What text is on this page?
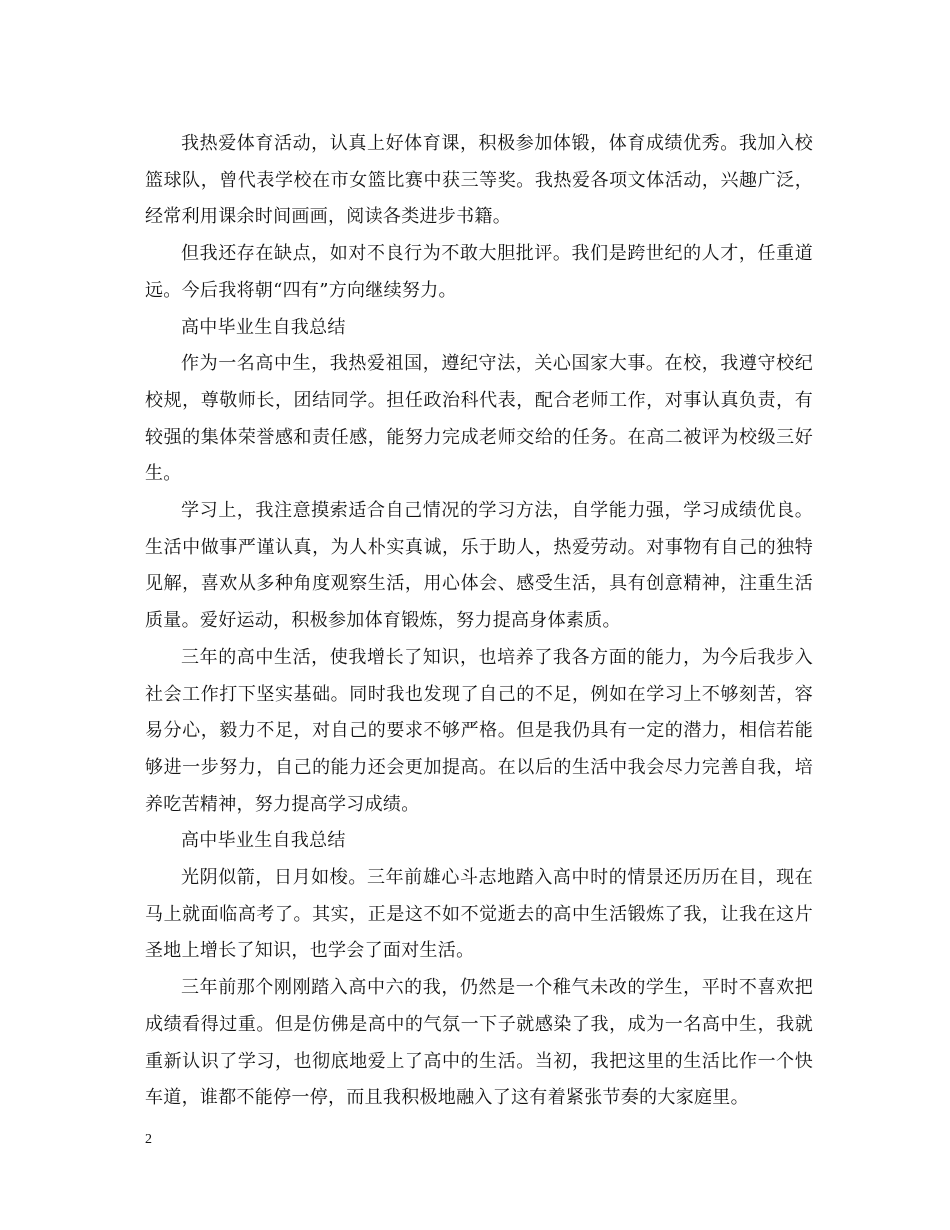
我热爱体育活动，认真上好体育课，积极参加体锻，体育成绩优秀。我加入校篮球队，曾代表学校在市女篮比赛中获三等奖。我热爱各项文体活动，兴趣广泛，经常利用课余时间画画，阅读各类进步书籍。

但我还存在缺点，如对不良行为不敢大胆批评。我们是跨世纪的人才，任重道远。今后我将朝“四有”方向继续努力。

高中毕业生自我总结

作为一名高中生，我热爱祖国，遵纪守法，关心国家大事。在校，我遵守校纪校规，尊敬师长，团结同学。担任政治科代表，配合老师工作，对事认真负责，有较强的集体荣誉感和责任感，能努力完成老师交给的任务。在高二被评为校级三好生。

学习上，我注意摸索适合自己情况的学习方法，自学能力强，学习成绩优良。生活中做事严谨认真，为人朴实真诚，乐于助人，热爱劳动。对事物有自己的独特见解，喜欢从多种角度观察生活，用心体会、感受生活，具有创意精神，注重生活质量。爱好运动，积极参加体育锻炼，努力提高身体素质。

三年的高中生活，使我增长了知识，也培养了我各方面的能力，为今后我步入社会工作打下坚实基础。同时我也发现了自己的不足，例如在学习上不够刻苦，容易分心，毅力不足，对自己的要求不够严格。但是我仍具有一定的潜力，相信若能够进一步努力，自己的能力还会更加提高。在以后的生活中我会尽力完善自我，培养吃苦精神，努力提高学习成绩。

高中毕业生自我总结

光阴似箭，日月如梭。三年前雄心斗志地踏入高中时的情景还历历在目，现在马上就面临高考了。其实，正是这不如不觉逝去的高中生活锻炼了我，让我在这片圣地上增长了知识，也学会了面对生活。

三年前那个刚刚踏入高中六的我，仍然是一个稚气未改的学生，平时不喜欢把成绩看得过重。但是仿佛是高中的气氛一下子就感染了我，成为一名高中生，我就重新认识了学习，也彻底地爱上了高中的生活。当初，我把这里的生活比作一个快车道，谁都不能停一停，而且我积极地融入了这有着紧张节奏的大家庭里。

2
